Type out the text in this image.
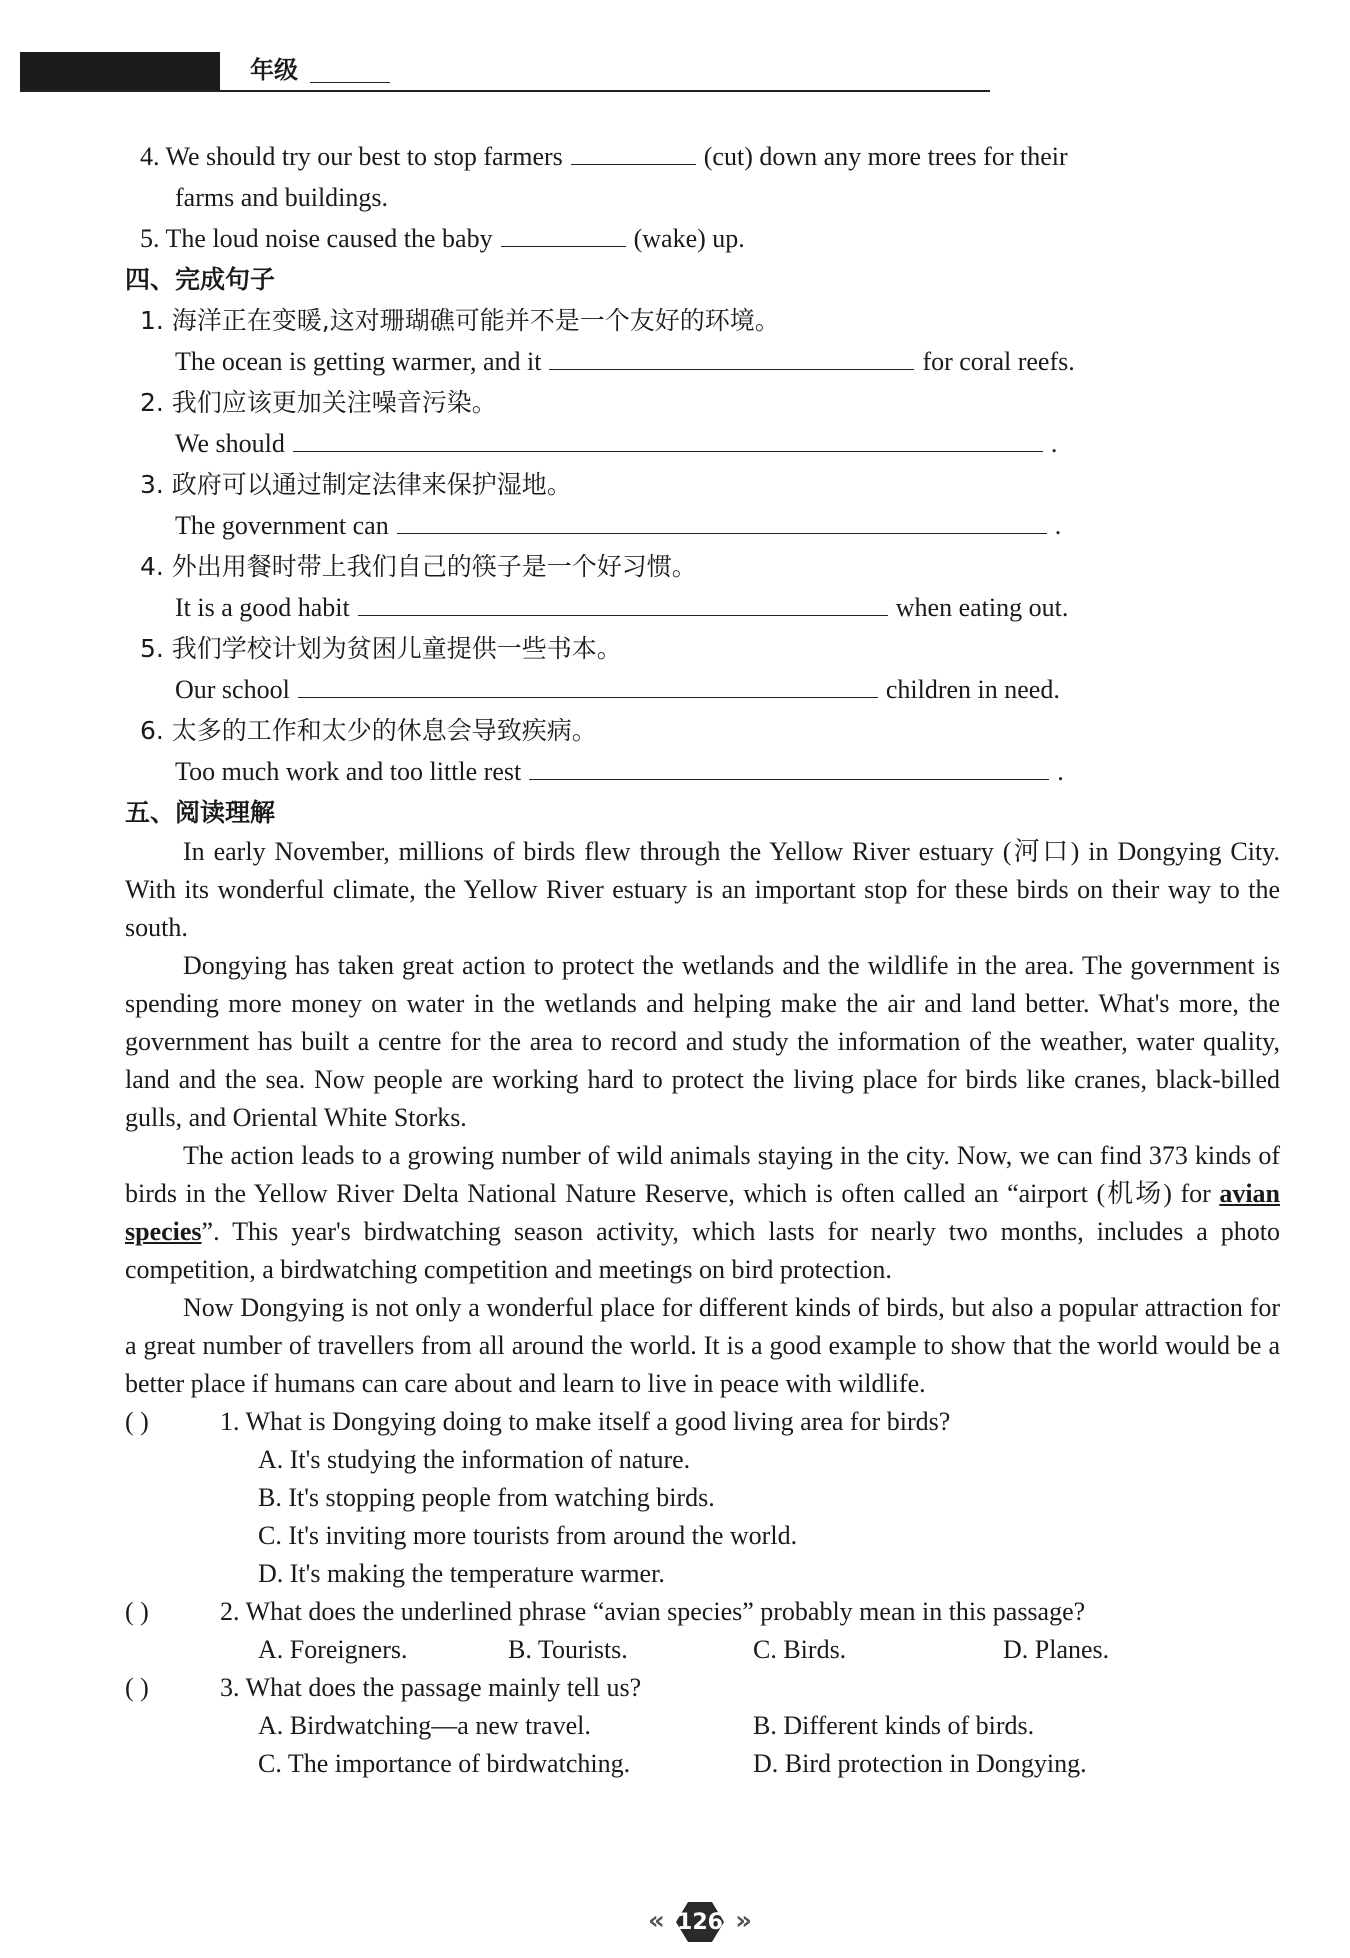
年级
4. We should try our best to stop farmers	(cut) down any more trees for their
farms and buildings.
5. The loud noise caused the baby	(wake) up.
四、完成句子
1. 海洋正在变暖,这对珊瑚礁可能并不是一个友好的环境。
The ocean is getting warmer, and it	for coral reefs.
2. 我们应该更加关注噪音污染。
We should	.
3. 政府可以通过制定法律来保护湿地。
The government can	.
4. 外出用餐时带上我们自己的筷子是一个好习惯。
It is a good habit	when eating out.
5. 我们学校计划为贫困儿童提供一些书本。
Our school	children in need.
6. 太多的工作和太少的休息会导致疾病。
Too much work and too little rest	.
五、阅读理解
In early November, millions of birds flew through the Yellow River estuary (河口) in Dongying City. With its wonderful climate, the Yellow River estuary is an important stop for these birds on their way to the south.
Dongying has taken great action to protect the wetlands and the wildlife in the area. The government is spending more money on water in the wetlands and helping make the air and land better. What's more, the government has built a centre for the area to record and study the information of the weather, water quality, land and the sea. Now people are working hard to protect the living place for birds like cranes, black-billed gulls, and Oriental White Storks.
The action leads to a growing number of wild animals staying in the city. Now, we can find 373 kinds of birds in the Yellow River Delta National Nature Reserve, which is often called an “airport (机场) for avian species”. This year's birdwatching season activity, which lasts for nearly two months, includes a photo competition, a birdwatching competition and meetings on bird protection.
Now Dongying is not only a wonderful place for different kinds of birds, but also a popular attraction for a great number of travellers from all around the world. It is a good example to show that the world would be a better place if humans can care about and learn to live in peace with wildlife.
( )	1. What is Dongying doing to make itself a good living area for birds?
A. It's studying the information of nature.
B. It's stopping people from watching birds.
C. It's inviting more tourists from around the world.
D. It's making the temperature warmer.
( )	2. What does the underlined phrase “avian species” probably mean in this passage?
A. Foreigners.	B. Tourists.	C. Birds.	D. Planes.
( )	3. What does the passage mainly tell us?
A. Birdwatching—a new travel.	B. Different kinds of birds.
C. The importance of birdwatching.	D. Bird protection in Dongying.
« 126 »
